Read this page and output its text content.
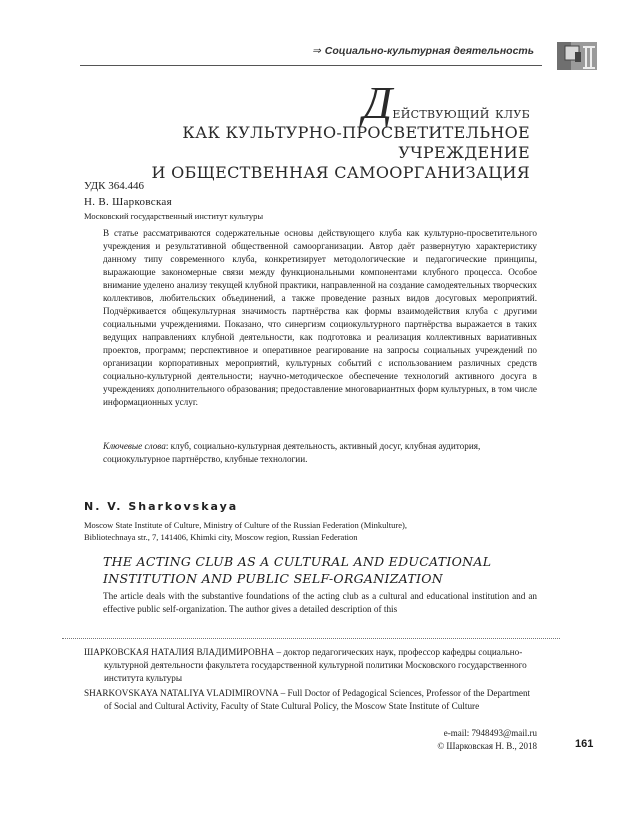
⇒ Социально-культурная деятельность
Действующий клуб
КАК КУЛЬТУРНО-ПРОСВЕТИТЕЛЬНОЕ УЧРЕЖДЕНИЕ
И ОБЩЕСТВЕННАЯ САМООРГАНИЗАЦИЯ
УДК 364.446
Н. В. Шарковская
Московский государственный институт культуры
В статье рассматриваются содержательные основы действующего клуба как культурно-просветительного учреждения и результативной общественной самоорганизации. Автор даёт развернутую характеристику данному типу современного клуба, конкретизирует методологические и педагогические принципы, выражающие закономерные связи между функциональными компонентами клубного процесса. Особое внимание уделено анализу текущей клубной практики, направленной на создание самодеятельных творческих коллективов, любительских объединений, а также проведение разных видов досуговых мероприятий. Подчёркивается общекультурная значимость партнёрства как формы взаимодействия клуба с другими социальными учреждениями. Показано, что синергизм социокультурного партнёрства выражается в таких ведущих направлениях клубной деятельности, как подготовка и реализация коллективных вариативных проектов, программ; перспективное и оперативное реагирование на запросы социальных учреждений по организации корпоративных мероприятий, культурных событий с использованием различных средств социально-культурной деятельности; научно-методическое обеспечение технологий активного досуга в учреждениях дополнительного образования; предоставление многовариантных форм культурных, в том числе информационных услуг.
Ключевые слова: клуб, социально-культурная деятельность, активный досуг, клубная аудитория, социокультурное партнёрство, клубные технологии.
N. V. Sharkovskaya
Moscow State Institute of Culture, Ministry of Culture of the Russian Federation (Minkulture),
Bibliotechnaya str., 7, 141406, Khimki city, Moscow region, Russian Federation
THE ACTING CLUB AS A CULTURAL AND EDUCATIONAL
INSTITUTION AND PUBLIC SELF-ORGANIZATION
The article deals with the substantive foundations of the acting club as a cultural and educational institution and an effective public self-organization. The author gives a detailed description of this
ШАРКОВСКАЯ НАТАЛИЯ ВЛАДИМИРОВНА – доктор педагогических наук, профессор кафедры социально-культурной деятельности факультета государственной культурной политики Московского государственного института культуры
SHARKOVSKAYA NATALIYA VLADIMIROVNA – Full Doctor of Pedagogical Sciences, Professor of the Department of Social and Cultural Activity, Faculty of State Cultural Policy, the Moscow State Institute of Culture
e-mail: 7948493@mail.ru
© Шарковская Н. В., 2018	161
